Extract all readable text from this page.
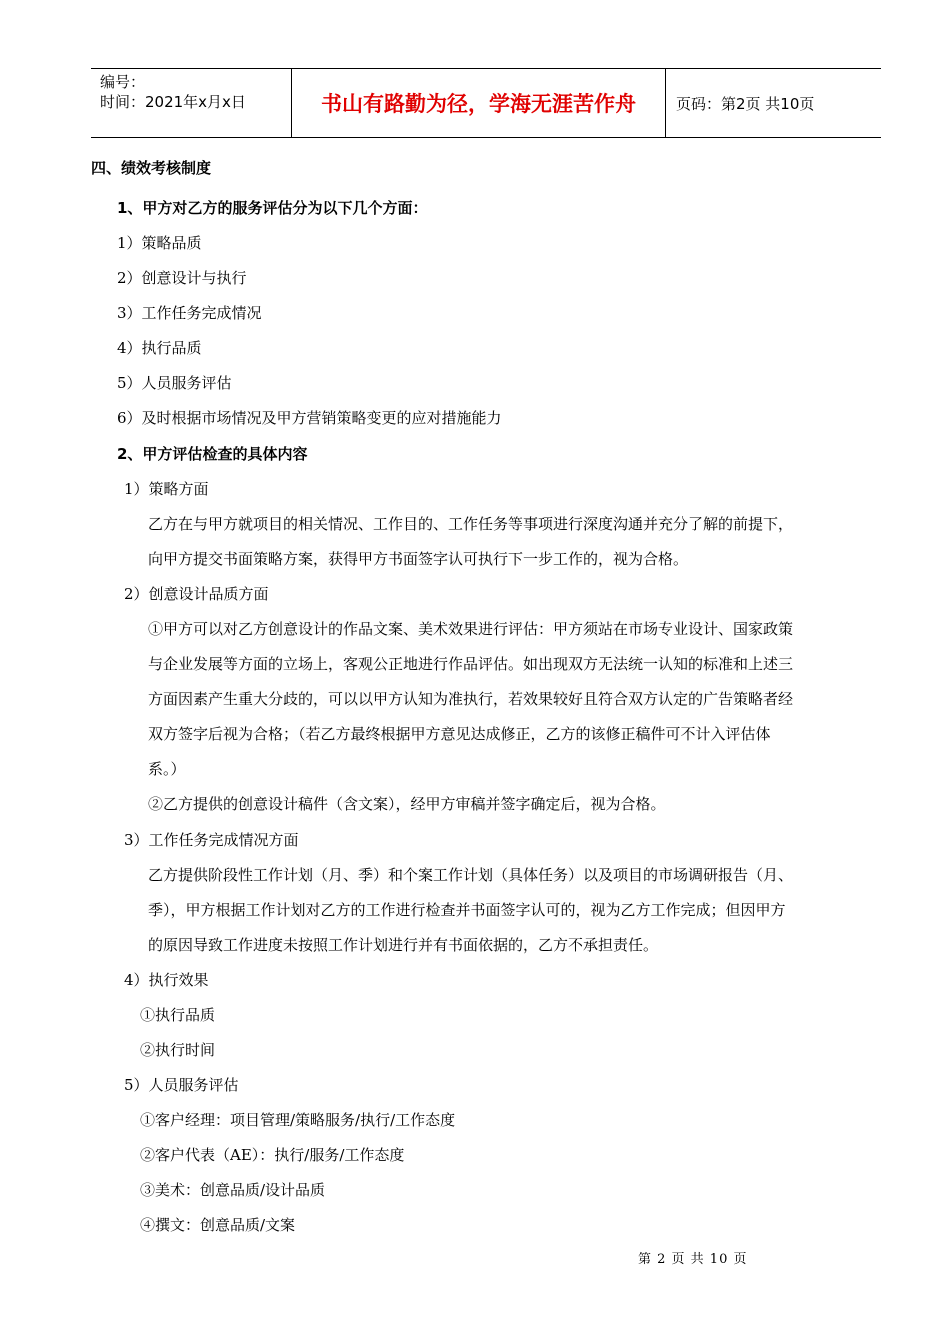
编号：
时间：2021年x月x日	书山有路勤为径，学海无涯苦作舟	页码：第2页 共10页
四、绩效考核制度
1、甲方对乙方的服务评估分为以下几个方面：
1）策略品质
2）创意设计与执行
3）工作任务完成情况
4）执行品质
5）人员服务评估
6）及时根据市场情况及甲方营销策略变更的应对措施能力
2、甲方评估检查的具体内容
1）策略方面
乙方在与甲方就项目的相关情况、工作目的、工作任务等事项进行深度沟通并充分了解的前提下，
向甲方提交书面策略方案，获得甲方书面签字认可执行下一步工作的，视为合格。
2）创意设计品质方面
①甲方可以对乙方创意设计的作品文案、美术效果进行评估：甲方须站在市场专业设计、国家政策
与企业发展等方面的立场上，客观公正地进行作品评估。如出现双方无法统一认知的标准和上述三
方面因素产生重大分歧的，可以以甲方认知为准执行，若效果较好且符合双方认定的广告策略者经
双方签字后视为合格；（若乙方最终根据甲方意见达成修正，乙方的该修正稿件可不计入评估体
系。）
②乙方提供的创意设计稿件（含文案），经甲方审稿并签字确定后，视为合格。
3）工作任务完成情况方面
乙方提供阶段性工作计划（月、季）和个案工作计划（具体任务）以及项目的市场调研报告（月、
季），甲方根据工作计划对乙方的工作进行检查并书面签字认可的，视为乙方工作完成；但因甲方
的原因导致工作进度未按照工作计划进行并有书面依据的，乙方不承担责任。
4）执行效果
①执行品质
②执行时间
5）人员服务评估
①客户经理：项目管理/策略服务/执行/工作态度
②客户代表（AE）：执行/服务/工作态度
③美术：创意品质/设计品质
④撰文：创意品质/文案
第 2 页 共 10 页
